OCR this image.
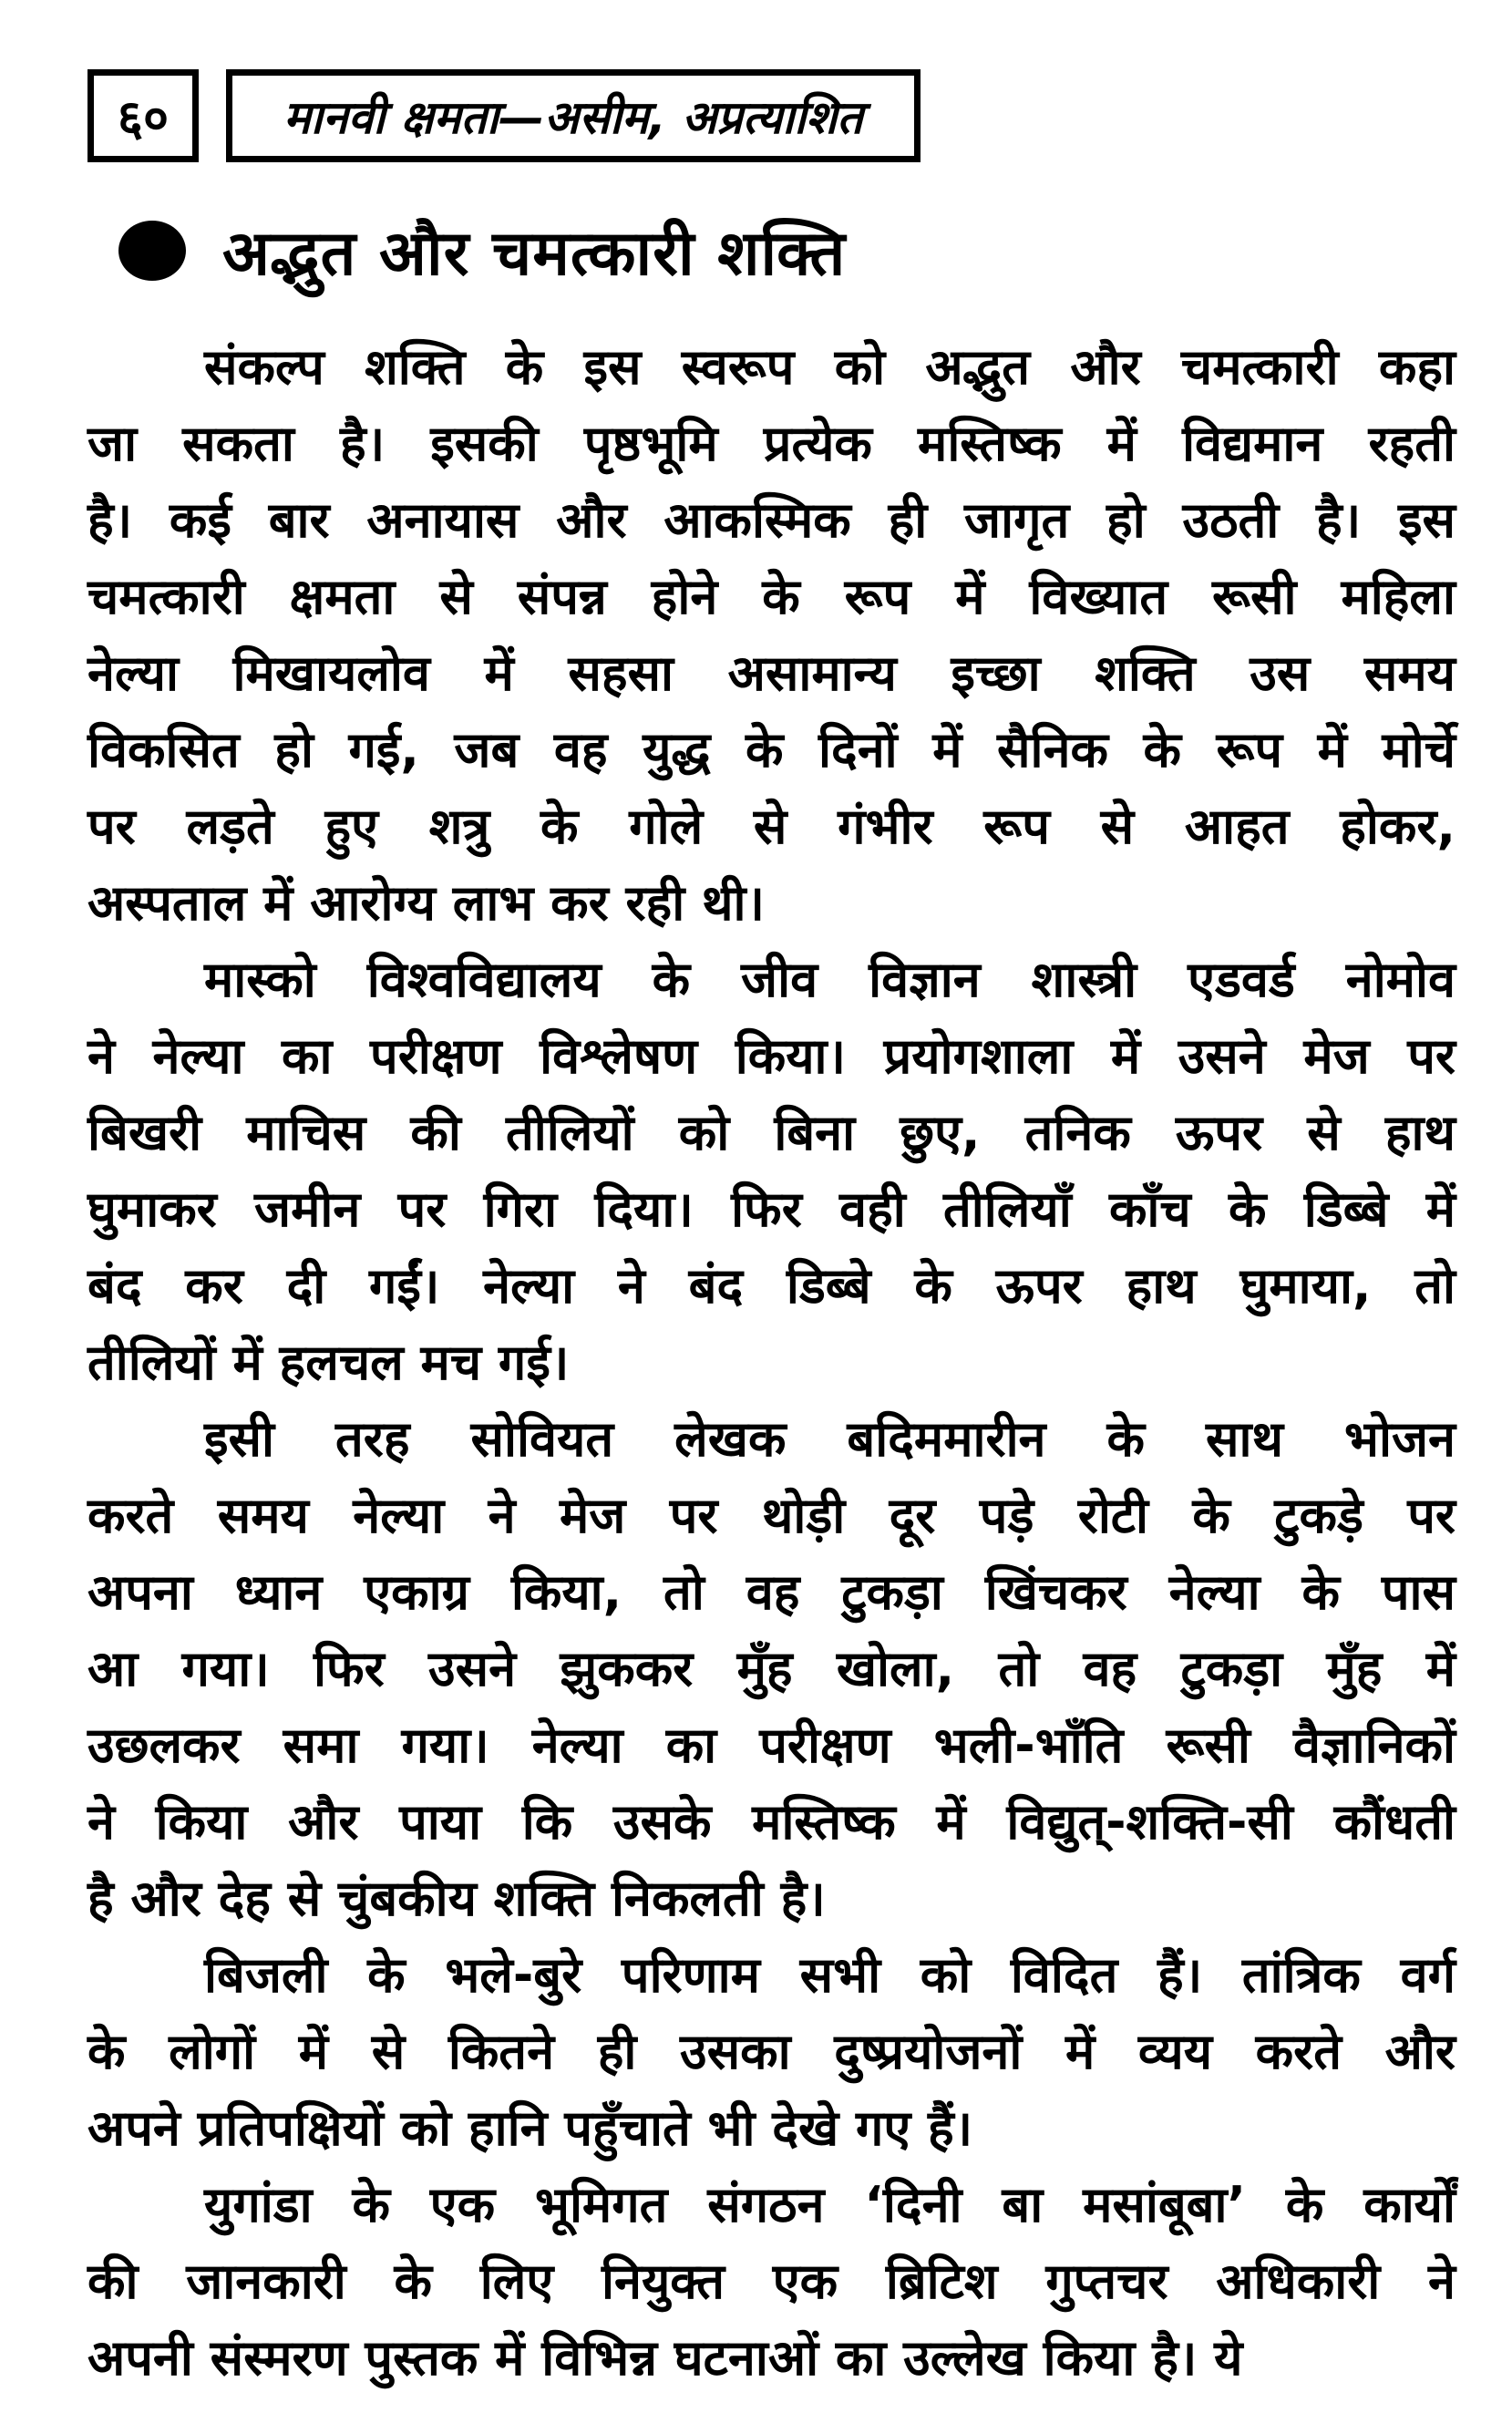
६०	मानवी क्षमता—असीम, अप्रत्याशित
अद्भुत और चमत्कारी शक्ति
संकल्प शक्ति के इस स्वरूप को अद्भुत और चमत्कारी कहा
जा सकता है। इसकी पृष्ठभूमि प्रत्येक मस्तिष्क में विद्यमान रहती
है। कई बार अनायास और आकस्मिक ही जागृत हो उठती है। इस
चमत्कारी क्षमता से संपन्न होने के रूप में विख्यात रूसी महिला
नेल्या मिखायलोव में सहसा असामान्य इच्छा शक्ति उस समय
विकसित हो गई, जब वह युद्ध के दिनों में सैनिक के रूप में मोर्चे
पर लड़ते हुए शत्रु के गोले से गंभीर रूप से आहत होकर,
अस्पताल में आरोग्य लाभ कर रही थी।
मास्को विश्वविद्यालय के जीव विज्ञान शास्त्री एडवर्ड नोमोव
ने नेल्या का परीक्षण विश्लेषण किया। प्रयोगशाला में उसने मेज पर
बिखरी माचिस की तीलियों को बिना छुए, तनिक ऊपर से हाथ
घुमाकर जमीन पर गिरा दिया। फिर वही तीलियाँ काँच के डिब्बे में
बंद कर दी गईं। नेल्या ने बंद डिब्बे के ऊपर हाथ घुमाया, तो
तीलियों में हलचल मच गई।
इसी तरह सोवियत लेखक बदिममारीन के साथ भोजन
करते समय नेल्या ने मेज पर थोड़ी दूर पड़े रोटी के टुकड़े पर
अपना ध्यान एकाग्र किया, तो वह टुकड़ा खिंचकर नेल्या के पास
आ गया। फिर उसने झुककर मुँह खोला, तो वह टुकड़ा मुँह में
उछलकर समा गया। नेल्या का परीक्षण भली-भाँति रूसी वैज्ञानिकों
ने किया और पाया कि उसके मस्तिष्क में विद्युत्-शक्ति-सी कौंधती
है और देह से चुंबकीय शक्ति निकलती है।
बिजली के भले-बुरे परिणाम सभी को विदित हैं। तांत्रिक वर्ग
के लोगों में से कितने ही उसका दुष्प्रयोजनों में व्यय करते और
अपने प्रतिपक्षियों को हानि पहुँचाते भी देखे गए हैं।
युगांडा के एक भूमिगत संगठन ‘दिनी बा मसांबूबा’ के कार्यों
की जानकारी के लिए नियुक्त एक ब्रिटिश गुप्तचर अधिकारी ने
अपनी संस्मरण पुस्तक में विभिन्न घटनाओं का उल्लेख किया है। ये
